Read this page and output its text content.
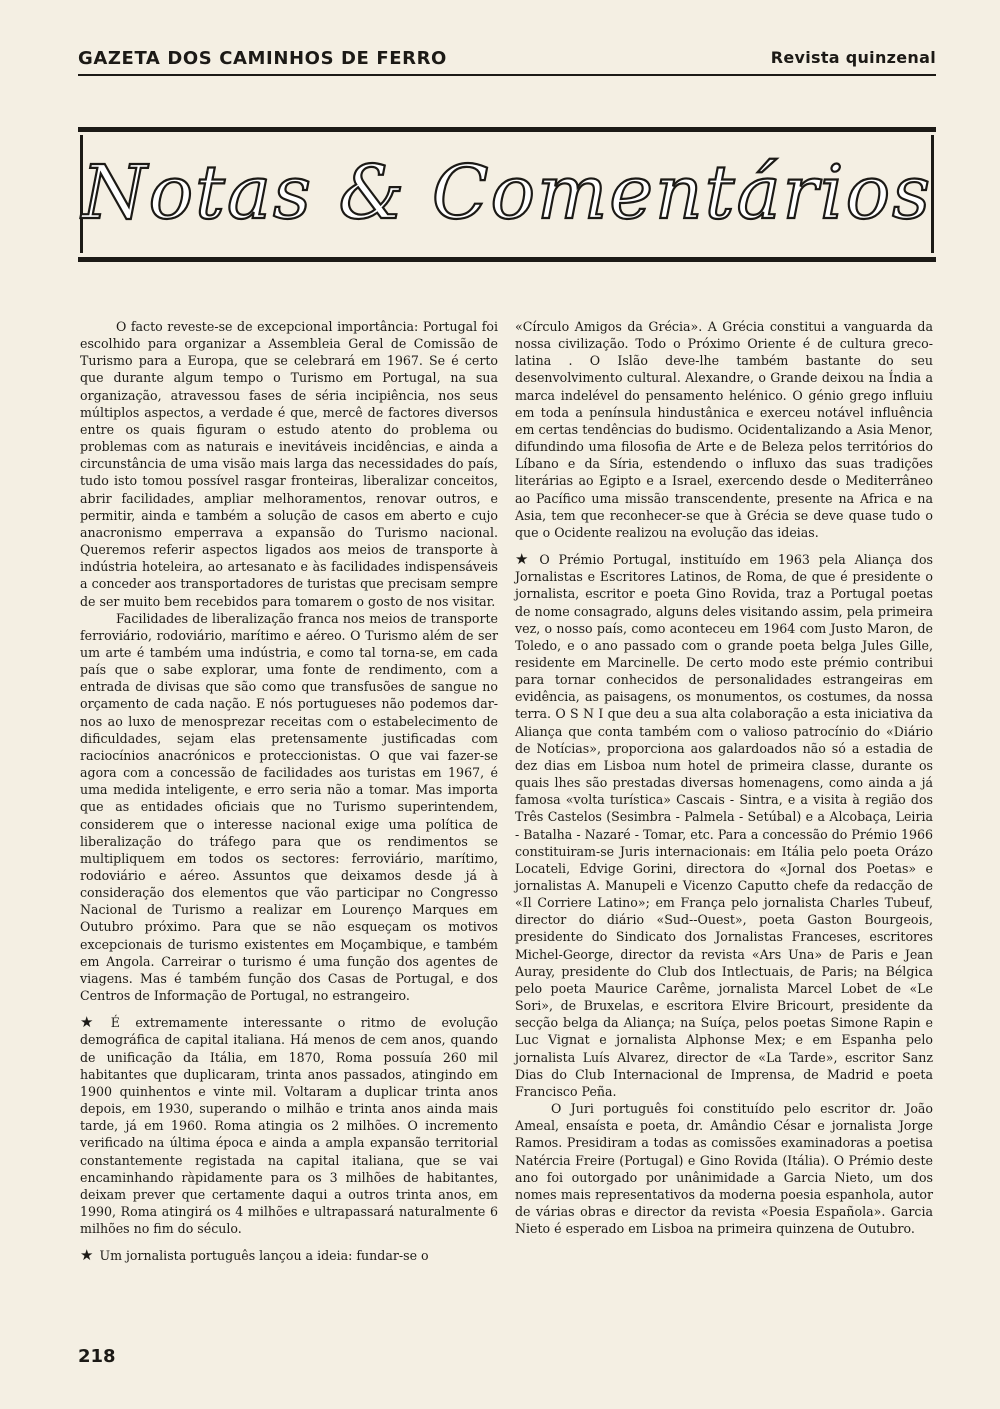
GAZETA DOS CAMINHOS DE FERRO	Revista quinzenal
Notas & Comentários

O facto reveste-se de excepcional importância: Portugal foi escolhido para organizar a Assembleia Geral de Comissão de Turismo para a Europa, que se celebrará em 1967. Se é certo que durante algum tempo o Turismo em Portugal, na sua organização, atravessou fases de séria incipiência, nos seus múltiplos aspectos, a verdade é que, mercê de factores diversos entre os quais figuram o estudo atento do problema ou problemas com as naturais e inevitáveis incidências, e ainda a circunstância de uma visão mais larga das necessidades do país, tudo isto tomou possível rasgar fronteiras, liberalizar conceitos, abrir facilidades, ampliar melhoramentos, renovar outros, e permitir, ainda e também a solução de casos em aberto e cujo anacronismo emperrava a expansão do Turismo nacional. Queremos referir aspectos ligados aos meios de transporte à indústria hoteleira, ao artesanato e às facilidades indispensáveis a conceder aos transportadores de turistas que precisam sempre de ser muito bem recebidos para tomarem o gosto de nos visitar.

Facilidades de liberalização franca nos meios de transporte ferroviário, rodoviário, marítimo e aéreo. O Turismo além de ser um arte é também uma indústria, e como tal torna-se, em cada país que o sabe explorar, uma fonte de rendimento, com a entrada de divisas que são como que transfusões de sangue no orçamento de cada nação. E nós portugueses não podemos dar-nos ao luxo de menosprezar receitas com o estabelecimento de dificuldades, sejam elas pretensamente justificadas com raciocínios anacrónicos e proteccionistas. O que vai fazer-se agora com a concessão de facilidades aos turistas em 1967, é uma medida inteligente, e erro seria não a tomar. Mas importa que as entidades oficiais que no Turismo superintendem, considerem que o interesse nacional exige uma política de liberalização do tráfego para que os rendimentos se multipliquem em todos os sectores: ferroviário, marítimo, rodoviário e aéreo. Assuntos que deixamos desde já à consideração dos elementos que vão participar no Congresso Nacional de Turismo a realizar em Lourenço Marques em Outubro próximo. Para que se não esqueçam os motivos excepcionais de turismo existentes em Moçambique, e também em Angola. Carreirar o turismo é uma função dos agentes de viagens. Mas é também função dos Casas de Portugal, e dos Centros de Informação de Portugal, no estrangeiro.

★ É extremamente interessante o ritmo de evolução demográfica de capital italiana. Há menos de cem anos, quando de unificação da Itália, em 1870, Roma possuía 260 mil habitantes que duplicaram, trinta anos passados, atingindo em 1900 quinhentos e vinte mil. Voltaram a duplicar trinta anos depois, em 1930, superando o milhão e trinta anos ainda mais tarde, já em 1960. Roma atingia os 2 milhões. O incremento verificado na última época e ainda a ampla expansão territorial constantemente registada na capital italiana, que se vai encaminhando ràpidamente para os 3 milhões de habitantes, deixam prever que certamente daqui a outros trinta anos, em 1990, Roma atingirá os 4 milhões e ultrapassará naturalmente 6 milhões no fim do século.

★ Um jornalista português lançou a ideia: fundar-se o

«Círculo Amigos da Grécia». A Grécia constitui a vanguarda da nossa civilização. Todo o Próximo Oriente é de cultura greco-latina . O Islão deve-lhe também bastante do seu desenvolvimento cultural. Alexandre, o Grande deixou na Índia a marca indelével do pensamento helénico. O génio grego influiu em toda a península hindustânica e exerceu notável influência em certas tendências do budismo. Ocidentalizando a Asia Menor, difundindo uma filosofia de Arte e de Beleza pelos territórios do Líbano e da Síria, estendendo o influxo das suas tradições literárias ao Egipto e a Israel, exercendo desde o Mediterrâneo ao Pacífico uma missão transcendente, presente na Africa e na Asia, tem que reconhecer-se que à Grécia se deve quase tudo o que o Ocidente realizou na evolução das ideias.

★ O Prémio Portugal, instituído em 1963 pela Aliança dos Jornalistas e Escritores Latinos, de Roma, de que é presidente o jornalista, escritor e poeta Gino Rovida, traz a Portugal poetas de nome consagrado, alguns deles visitando assim, pela primeira vez, o nosso país, como aconteceu em 1964 com Justo Maron, de Toledo, e o ano passado com o grande poeta belga Jules Gille, residente em Marcinelle. De certo modo este prémio contribui para tornar conhecidos de personalidades estrangeiras em evidência, as paisagens, os monumentos, os costumes, da nossa terra. O S N I que deu a sua alta colaboração a esta iniciativa da Aliança que conta também com o valioso patrocínio do «Diário de Notícias», proporciona aos galardoados não só a estadia de dez dias em Lisboa num hotel de primeira classe, durante os quais lhes são prestadas diversas homenagens, como ainda a já famosa «volta turística» Cascais - Sintra, e a visita à região dos Três Castelos (Sesimbra - Palmela - Setúbal) e a Alcobaça, Leiria - Batalha - Nazaré - Tomar, etc. Para a concessão do Prémio 1966 constituiram-se Juris internacionais: em Itália pelo poeta Orázo Locateli, Edvige Gorini, directora do «Jornal dos Poetas» e jornalistas A. Manupeli e Vicenzo Caputto chefe da redacção de «Il Corriere Latino»; em França pelo jornalista Charles Tubeuf, director do diário «Sud--Ouest», poeta Gaston Bourgeois, presidente do Sindicato dos Jornalistas Franceses, escritores Michel-George, director da revista «Ars Una» de Paris e Jean Auray, presidente do Club dos Intlectuais, de Paris; na Bélgica pelo poeta Maurice Carême, jornalista Marcel Lobet de «Le Sori», de Bruxelas, e escritora Elvire Bricourt, presidente da secção belga da Aliança; na Suíça, pelos poetas Simone Rapin e Luc Vignat e jornalista Alphonse Mex; e em Espanha pelo jornalista Luís Alvarez, director de «La Tarde», escritor Sanz Dias do Club Internacional de Imprensa, de Madrid e poeta Francisco Peña.

O Juri português foi constituído pelo escritor dr. João Ameal, ensaísta e poeta, dr. Amândio César e jornalista Jorge Ramos. Presidiram a todas as comissões examinadoras a poetisa Natércia Freire (Portugal) e Gino Rovida (Itália). O Prémio deste ano foi outorgado por unânimidade a Garcia Nieto, um dos nomes mais representativos da moderna poesia espanhola, autor de várias obras e director da revista «Poesia Española». Garcia Nieto é esperado em Lisboa na primeira quinzena de Outubro.

218
